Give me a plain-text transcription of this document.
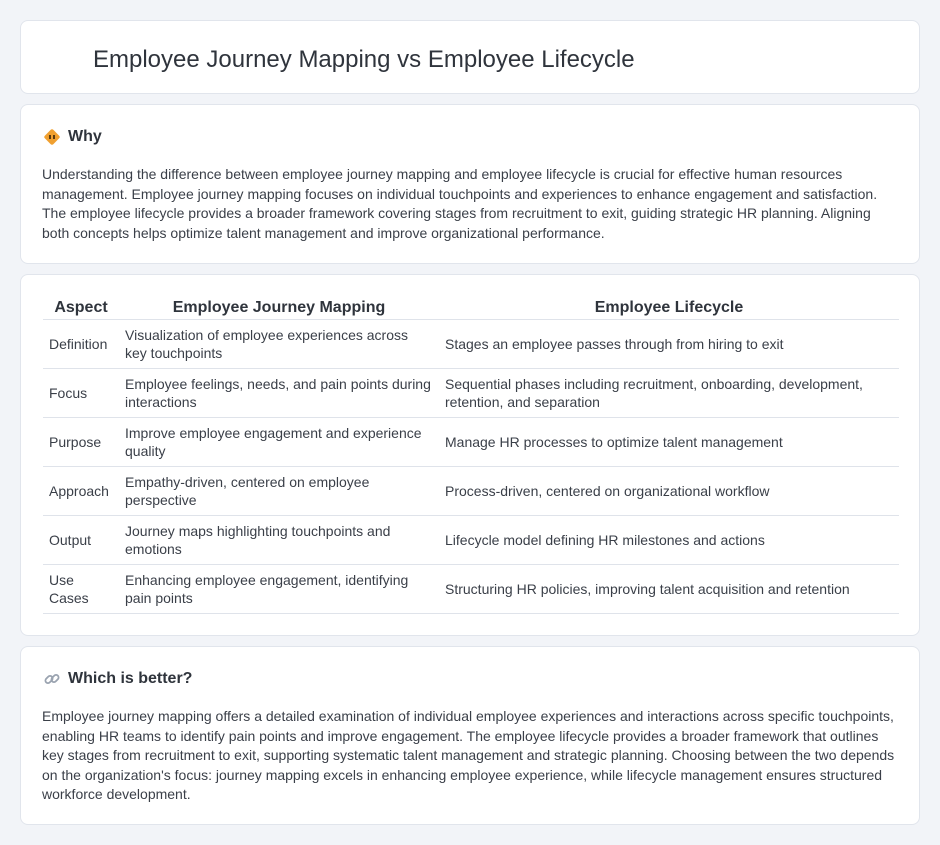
Employee Journey Mapping vs Employee Lifecycle
Why

Understanding the difference between employee journey mapping and employee lifecycle is crucial for effective human resources management. Employee journey mapping focuses on individual touchpoints and experiences to enhance engagement and satisfaction. The employee lifecycle provides a broader framework covering stages from recruitment to exit, guiding strategic HR planning. Aligning both concepts helps optimize talent management and improve organizational performance.

Aspect	Employee Journey Mapping	Employee Lifecycle
Definition	Visualization of employee experiences across key touchpoints	Stages an employee passes through from hiring to exit
Focus	Employee feelings, needs, and pain points during interactions	Sequential phases including recruitment, onboarding, development, retention, and separation
Purpose	Improve employee engagement and experience quality	Manage HR processes to optimize talent management
Approach	Empathy-driven, centered on employee perspective	Process-driven, centered on organizational workflow
Output	Journey maps highlighting touchpoints and emotions	Lifecycle model defining HR milestones and actions
Use Cases	Enhancing employee engagement, identifying pain points	Structuring HR policies, improving talent acquisition and retention
Which is better?

Employee journey mapping offers a detailed examination of individual employee experiences and interactions across specific touchpoints, enabling HR teams to identify pain points and improve engagement. The employee lifecycle provides a broader framework that outlines key stages from recruitment to exit, supporting systematic talent management and strategic planning. Choosing between the two depends on the organization's focus: journey mapping excels in enhancing employee experience, while lifecycle management ensures structured workforce development.
